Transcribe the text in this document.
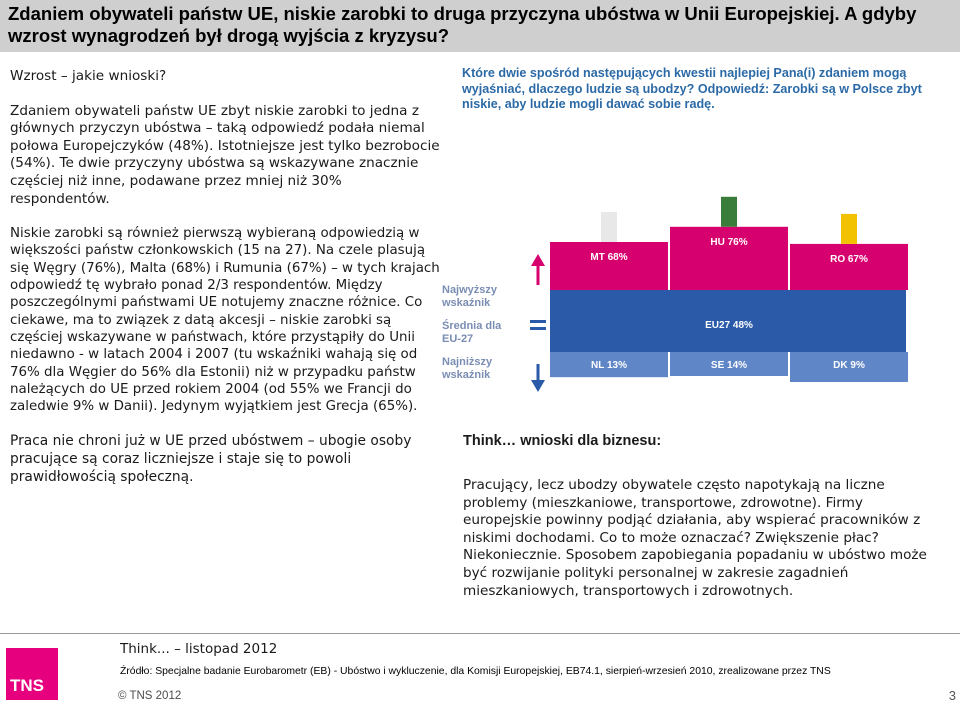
Zdaniem obywateli państw UE, niskie zarobki to druga przyczyna ubóstwa w Unii Europejskiej. A gdyby wzrost wynagrodzeń był drogą wyjścia z kryzysu?

Wzrost – jakie wnioski?

Zdaniem obywateli państw UE zbyt niskie zarobki to jedna z głównych przyczyn ubóstwa – taką odpowiedź podała niemal połowa Europejczyków (48%). Istotniejsze jest tylko bezrobocie (54%). Te dwie przyczyny ubóstwa są wskazywane znacznie częściej niż inne, podawane przez mniej niż 30% respondentów.

Niskie zarobki są również pierwszą wybieraną odpowiedzią w większości państw członkowskich (15 na 27). Na czele plasują się Węgry (76%), Malta (68%) i Rumunia (67%) – w tych krajach odpowiedź tę wybrało ponad 2/3 respondentów. Między poszczególnymi państwami UE notujemy znaczne różnice. Co ciekawe, ma to związek z datą akcesji – niskie zarobki są częściej wskazywane w państwach, które przystąpiły do Unii niedawno - w latach 2004 i 2007 (tu wskaźniki wahają się od 76% dla Węgier do 56% dla Estonii) niż w przypadku państw należących do UE przed rokiem 2004 (od 55% we Francji do zaledwie 9% w Danii). Jedynym wyjątkiem jest Grecja (65%).

Praca nie chroni już w UE przed ubóstwem – ubogie osoby pracujące są coraz liczniejsze i staje się to powoli prawidłowością społeczną.

Które dwie spośród następujących kwestii najlepiej Pana(i) zdaniem mogą wyjaśniać, dlaczego ludzie są ubodzy? Odpowiedź: Zarobki są w Polsce zbyt niskie, aby ludzie mogli dawać sobie radę.
MT 68%
HU 76%
RO 67%
EU27 48%
NL 13%	SE 14%	DK 9%
Najwyższy wskaźnik
Średnia dla EU-27
Najniższy wskaźnik
Think… wnioski dla biznesu:
Pracujący, lecz ubodzy obywatele często napotykają na liczne problemy (mieszkaniowe, transportowe, zdrowotne). Firmy europejskie powinny podjąć działania, aby wspierać pracowników z niskimi dochodami. Co to może oznaczać? Zwiększenie płac? Niekoniecznie. Sposobem zapobiegania popadaniu w ubóstwo może być rozwijanie polityki personalnej w zakresie zagadnień mieszkaniowych, transportowych i zdrowotnych.
TNS
Think... – listopad 2012
Źródło: Specjalne badanie Eurobarometr (EB) - Ubóstwo i wykluczenie, dla Komisji Europejskiej, EB74.1, sierpień-wrzesień 2010, zrealizowane przez TNS
© TNS 2012	3
